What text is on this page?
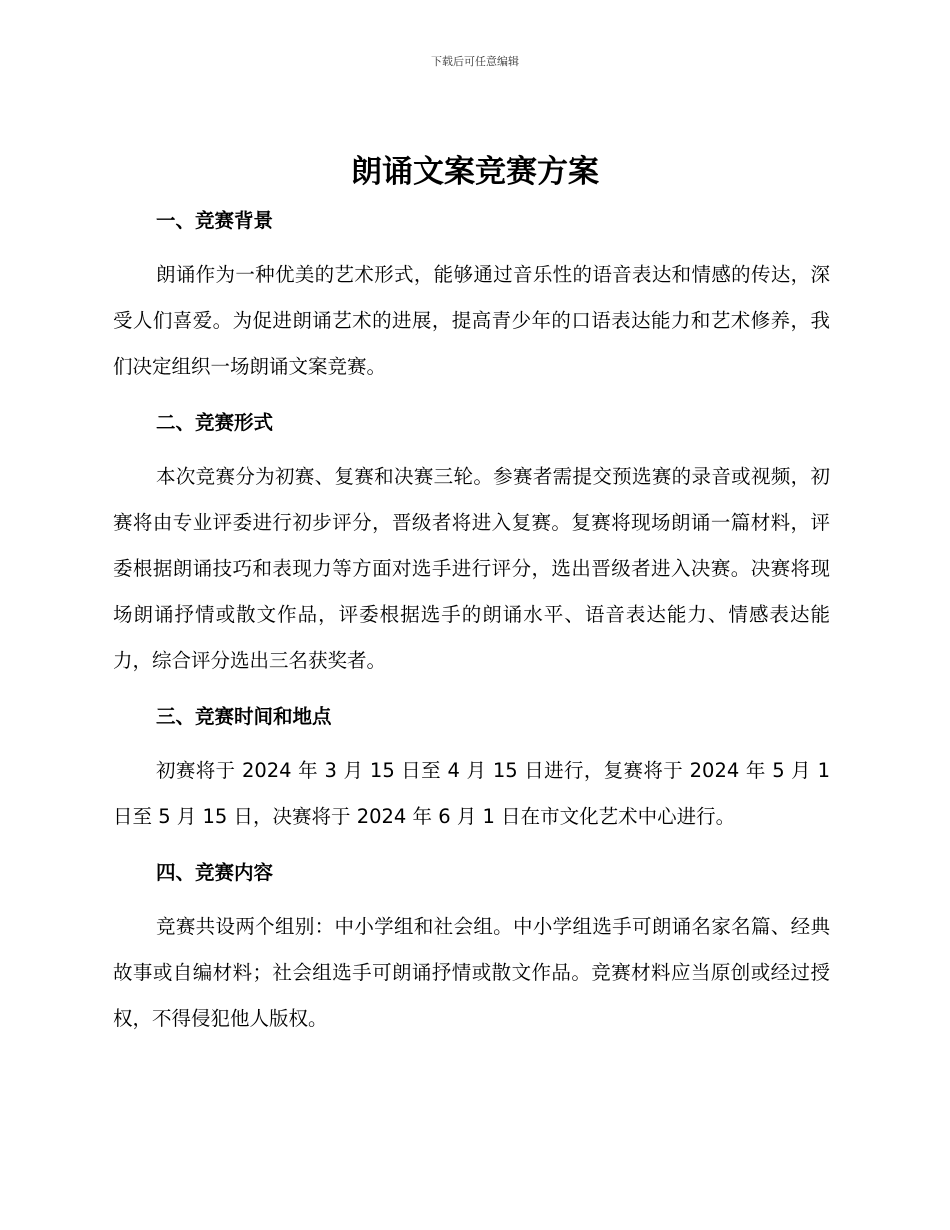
下载后可任意编辑
朗诵文案竞赛方案
一、竞赛背景

朗诵作为一种优美的艺术形式，能够通过音乐性的语音表达和情感的传达，深受人们喜爱。为促进朗诵艺术的进展，提高青少年的口语表达能力和艺术修养，我们决定组织一场朗诵文案竞赛。

二、竞赛形式

本次竞赛分为初赛、复赛和决赛三轮。参赛者需提交预选赛的录音或视频，初赛将由专业评委进行初步评分，晋级者将进入复赛。复赛将现场朗诵一篇材料，评委根据朗诵技巧和表现力等方面对选手进行评分，选出晋级者进入决赛。决赛将现场朗诵抒情或散文作品，评委根据选手的朗诵水平、语音表达能力、情感表达能力，综合评分选出三名获奖者。

三、竞赛时间和地点

初赛将于 2024 年 3 月 15 日至 4 月 15 日进行，复赛将于 2024 年 5 月 1 日至 5 月 15 日，决赛将于 2024 年 6 月 1 日在市文化艺术中心进行。

四、竞赛内容

竞赛共设两个组别：中小学组和社会组。中小学组选手可朗诵名家名篇、经典故事或自编材料；社会组选手可朗诵抒情或散文作品。竞赛材料应当原创或经过授权，不得侵犯他人版权。
